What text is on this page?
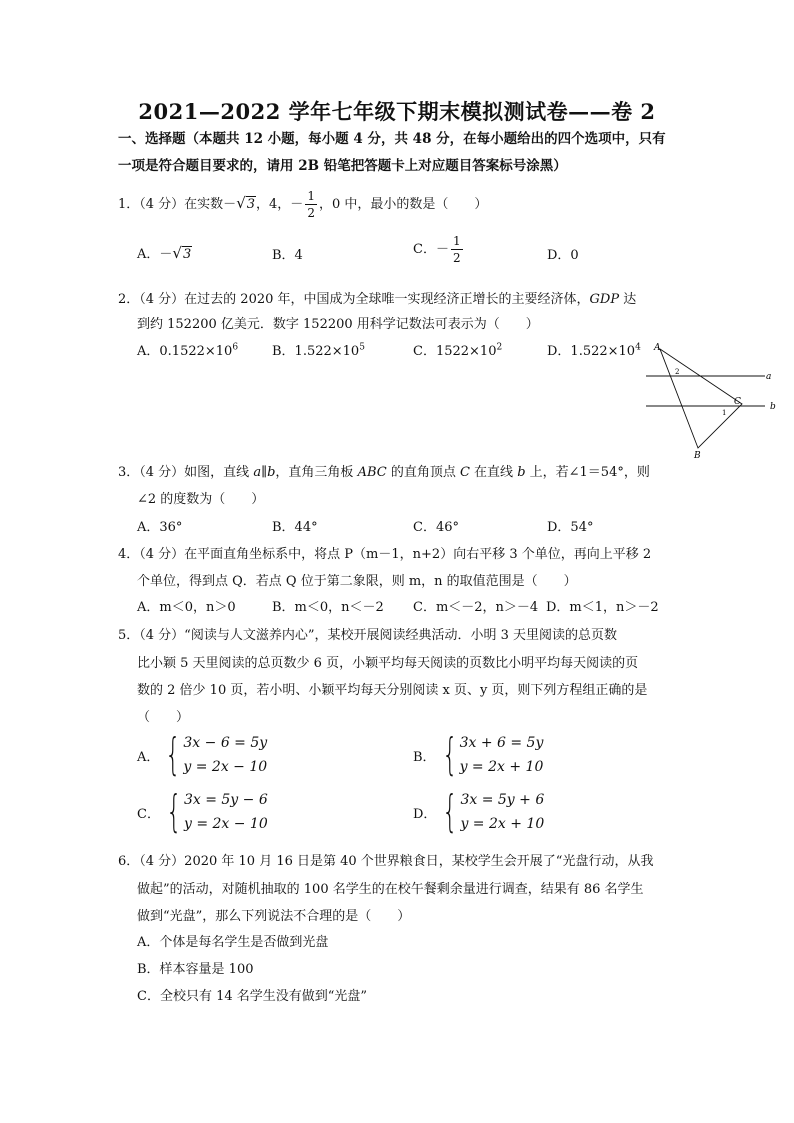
2021—2022 学年七年级下期末模拟测试卷——卷 2
一、选择题（本题共 12 小题，每小题 4 分，共 48 分，在每小题给出的四个选项中，只有
一项是符合题目要求的，请用 2B 铅笔把答题卡上对应题目答案标号涂黑）
1．（4 分）在实数－√3，4，－ $\frac{1}{2}$ ，0 中，最小的数是（　　）
A．－√3	B．4	C．－ $\frac{1}{2}$	D．0
2．（4 分）在过去的 2020 年，中国成为全球唯一实现经济正增长的主要经济体，GDP 达
到约 152200 亿美元．数字 152200 用科学记数法可表示为（　　）
A．$0.1522\times 10^6$	B．$1.522\times 10^5$	C．$1522\times 10^2$	D．$1.522\times 10^4$ A
B
C
a
b
1
2
3．（4 分）如图，直线 a∥b，直角三角板 ABC 的直角顶点 C 在直线 b 上，若∠1＝54°，则
∠2 的度数为（　　）
A．36°	B．44°	C．46°	D．54°
4．（4 分）在平面直角坐标系中，将点 P（m－1，n+2）向右平移 3 个单位，再向上平移 2
个单位，得到点 Q．若点 Q 位于第二象限，则 m，n 的取值范围是（　　）
A．m＜0，n＞0	B．m＜0，n＜－2 C．m＜－2，n＞－4 D．m＜1，n＞－2
5．（4 分）“阅读与人文滋养内心”，某校开展阅读经典活动．小明 3 天里阅读的总页数
比小颖 5 天里阅读的总页数少 6 页，小颖平均每天阅读的页数比小明平均每天阅读的页
数的 2 倍少 10 页，若小明、小颖平均每天分别阅读 x 页、y 页，则下列方程组正确的是
（　　）
A． { 3x − 6 = 5y
y = 2x − 10
B． { 3x + 6 = 5y
y = 2x + 10
C． { 3x = 5y − 6
y = 2x − 10
D． { 3x = 5y + 6
y = 2x + 10
6．（4 分）2020 年 10 月 16 日是第 40 个世界粮食日，某校学生会开展了“光盘行动，从我
做起”的活动，对随机抽取的 100 名学生的在校午餐剩余量进行调查，结果有 86 名学生
做到“光盘”，那么下列说法不合理的是（　　）
A．个体是每名学生是否做到光盘
B．样本容量是 100
C．全校只有 14 名学生没有做到“光盘”
